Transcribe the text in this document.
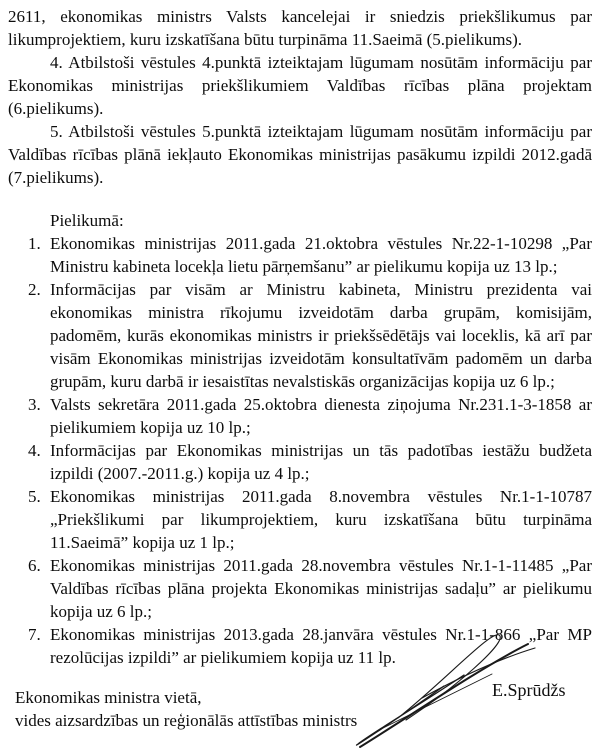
2611, ekonomikas ministrs Valsts kancelejai ir sniedzis priekšlikumus par likumprojektiem, kuru izskatīšana būtu turpināma 11.Saeimā (5.pielikums).

4. Atbilstoši vēstules 4.punktā izteiktajam lūgumam nosūtām informāciju par Ekonomikas ministrijas priekšlikumiem Valdības rīcības plāna projektam (6.pielikums).

5. Atbilstoši vēstules 5.punktā izteiktajam lūgumam nosūtām informāciju par Valdības rīcības plānā iekļauto Ekonomikas ministrijas pasākumu izpildi 2012.gadā (7.pielikums).

Pielikumā:

Ekonomikas ministrijas 2011.gada 21.oktobra vēstules Nr.22-1-10298 „Par Ministru kabineta locekļa lietu pārņemšanu” ar pielikumu kopija uz 13 lp.;
Informācijas par visām ar Ministru kabineta, Ministru prezidenta vai ekonomikas ministra rīkojumu izveidotām darba grupām, komisijām, padomēm, kurās ekonomikas ministrs ir priekšsēdētājs vai loceklis, kā arī par visām Ekonomikas ministrijas izveidotām konsultatīvām padomēm un darba grupām, kuru darbā ir iesaistītas nevalstiskās organizācijas kopija uz 6 lp.;
Valsts sekretāra 2011.gada 25.oktobra dienesta ziņojuma Nr.231.1-3-1858 ar pielikumiem kopija uz 10 lp.;
Informācijas par Ekonomikas ministrijas un tās padotības iestāžu budžeta izpildi (2007.-2011.g.) kopija uz 4 lp.;
Ekonomikas ministrijas 2011.gada 8.novembra vēstules Nr.1-1-10787 „Priekšlikumi par likumprojektiem, kuru izskatīšana būtu turpināma 11.Saeimā” kopija uz 1 lp.;
Ekonomikas ministrijas 2011.gada 28.novembra vēstules Nr.1-1-11485 „Par Valdības rīcības plāna projekta Ekonomikas ministrijas sadaļu” ar pielikumu kopija uz 6 lp.;
Ekonomikas ministrijas 2013.gada 28.janvāra vēstules Nr.1-1-866 „Par MP rezolūcijas izpildi” ar pielikumiem kopija uz 11 lp.
Ekonomikas ministra vietā,
vides aizsardzības un reģionālās attīstības ministrs
E.Sprūdžs
